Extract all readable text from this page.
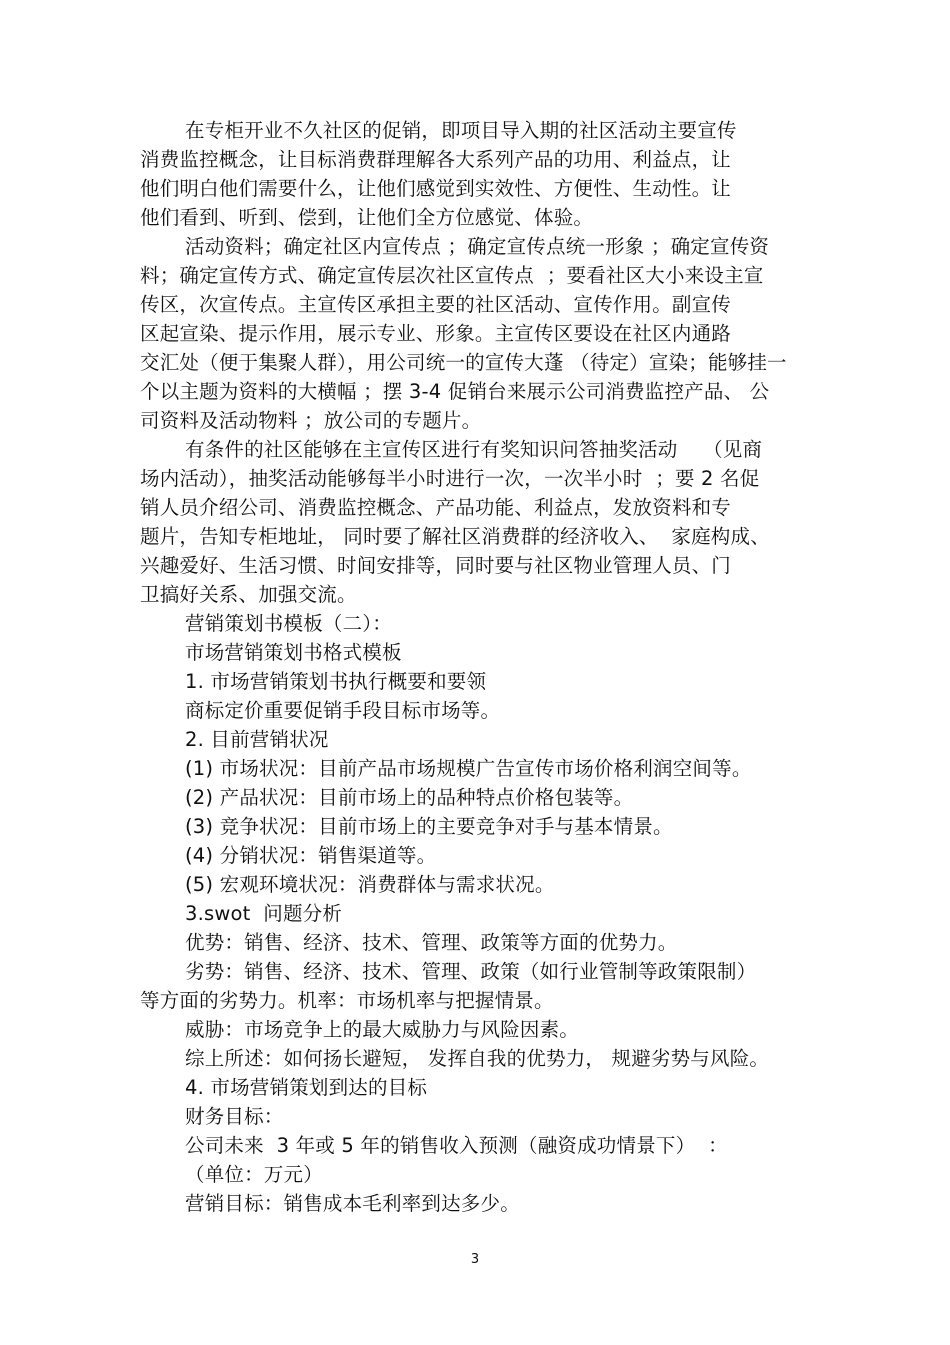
在专柜开业不久社区的促销，即项目导入期的社区活动主要宣传
消费监控概念，让目标消费群理解各大系列产品的功用、利益点，让
他们明白他们需要什么，让他们感觉到实效性、方便性、生动性。让
他们看到、听到、偿到，让他们全方位感觉、体验。
活动资料；确定社区内宣传点 ；确定宣传点统一形象 ；确定宣传资
料；确定宣传方式、确定宣传层次社区宣传点  ；要看社区大小来设主宣
传区，次宣传点。主宣传区承担主要的社区活动、宣传作用。副宣传
区起宣染、提示作用，展示专业、形象。主宣传区要设在社区内通路
交汇处（便于集聚人群），用公司统一的宣传大蓬 （待定）宣染；能够挂一
个以主题为资料的大横幅 ；摆 3-4 促销台来展示公司消费监控产品、 公
司资料及活动物料 ；放公司的专题片。
有条件的社区能够在主宣传区进行有奖知识问答抽奖活动    （见商
场内活动），抽奖活动能够每半小时进行一次，一次半小时  ；要 2 名促
销人员介绍公司、消费监控概念、产品功能、利益点，发放资料和专
题片，告知专柜地址， 同时要了解社区消费群的经济收入、  家庭构成、
兴趣爱好、生活习惯、时间安排等，同时要与社区物业管理人员、门
卫搞好关系、加强交流。
营销策划书模板（二）：
市场营销策划书格式模板
1. 市场营销策划书执行概要和要领
商标定价重要促销手段目标市场等。
2. 目前营销状况
(1) 市场状况：目前产品市场规模广告宣传市场价格利润空间等。
(2) 产品状况：目前市场上的品种特点价格包装等。
(3) 竞争状况：目前市场上的主要竞争对手与基本情景。
(4) 分销状况：销售渠道等。
(5) 宏观环境状况：消费群体与需求状况。
3.swot  问题分析
优势：销售、经济、技术、管理、政策等方面的优势力。
劣势：销售、经济、技术、管理、政策（如行业管制等政策限制）
等方面的劣势力。机率：市场机率与把握情景。
威胁：市场竞争上的最大威胁力与风险因素。
综上所述：如何扬长避短， 发挥自我的优势力， 规避劣势与风险。
4. 市场营销策划到达的目标
财务目标：
公司未来  3 年或 5 年的销售收入预测（融资成功情景下）  ：
（单位：万元）
营销目标：销售成本毛利率到达多少。
3
